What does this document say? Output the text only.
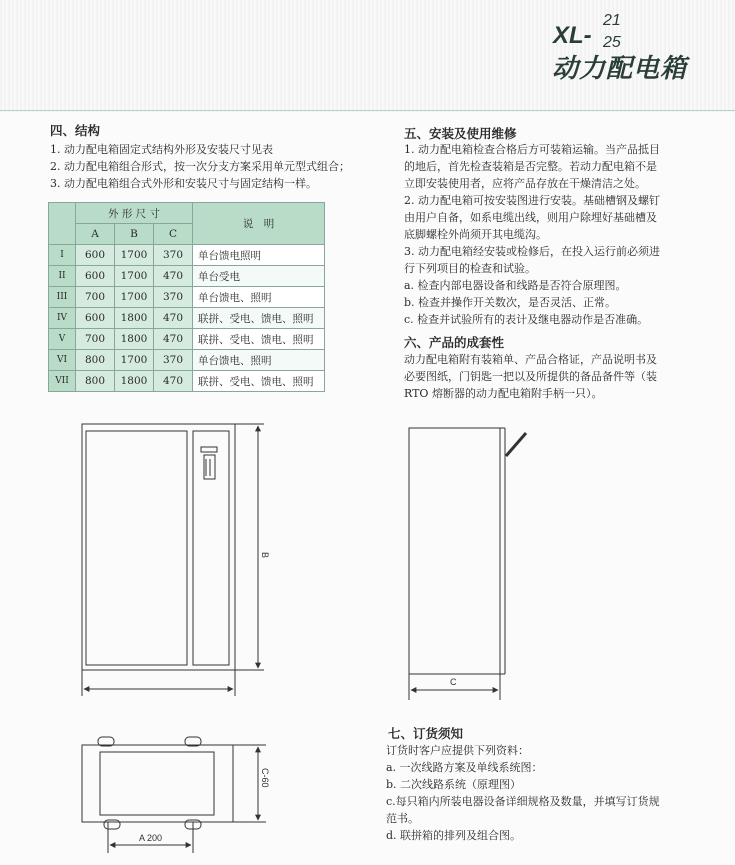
XL-
21
25
动力配电箱
四、结构
1. 动力配电箱固定式结构外形及安装尺寸见表
2. 动力配电箱组合形式，按一次分支方案采用单元型式组合；
3. 动力配电箱组合式外形和安装尺寸与固定结构一样。
	外 形 尺 寸			说　明
	A	B	C	
I	600	1700	370	单台馈电照明
II	600	1700	470	单台受电
III	700	1700	370	单台馈电、照明
IV	600	1800	470	联拼、受电、馈电、照明
V	700	1800	470	联拼、受电、馈电、照明
VI	800	1700	370	单台馈电、照明
VII	800	1800	470	联拼、受电、馈电、照明
五、安装及使用维修
1. 动力配电箱检查合格后方可装箱运输。当产品抵目
的地后，首先检查装箱是否完整。若动力配电箱不是
立即安装使用者，应将产品存放在干燥清洁之处。
2. 动力配电箱可按安装图进行安装。基础槽钢及螺钉
由用户自备，如系电缆出线，则用户除埋好基础槽及
底脚螺栓外尚须开其电缆沟。
3. 动力配电箱经安装或检修后，在投入运行前必须进
行下列项目的检查和试验。
a. 检查内部电器设备和线路是否符合原理图。
b. 检查并操作开关数次，是否灵活、正常。
c. 检查并试验所有的表计及继电器动作是否准确。
六、产品的成套性
动力配电箱附有装箱单、产品合格证，产品说明书及
必要图纸，门钥匙一把以及所提供的备品备件等（装
RTO 熔断器的动力配电箱附手柄一只）。
七、订货须知
订货时客户应提供下列资料：
a. 一次线路方案及单线系统图：
b. 二次线路系统（原理图）
c.每只箱内所装电器设备详细规格及数量，并填写订货规
范书。
d. 联拼箱的排列及组合图。
B
C
C-60
A 200
